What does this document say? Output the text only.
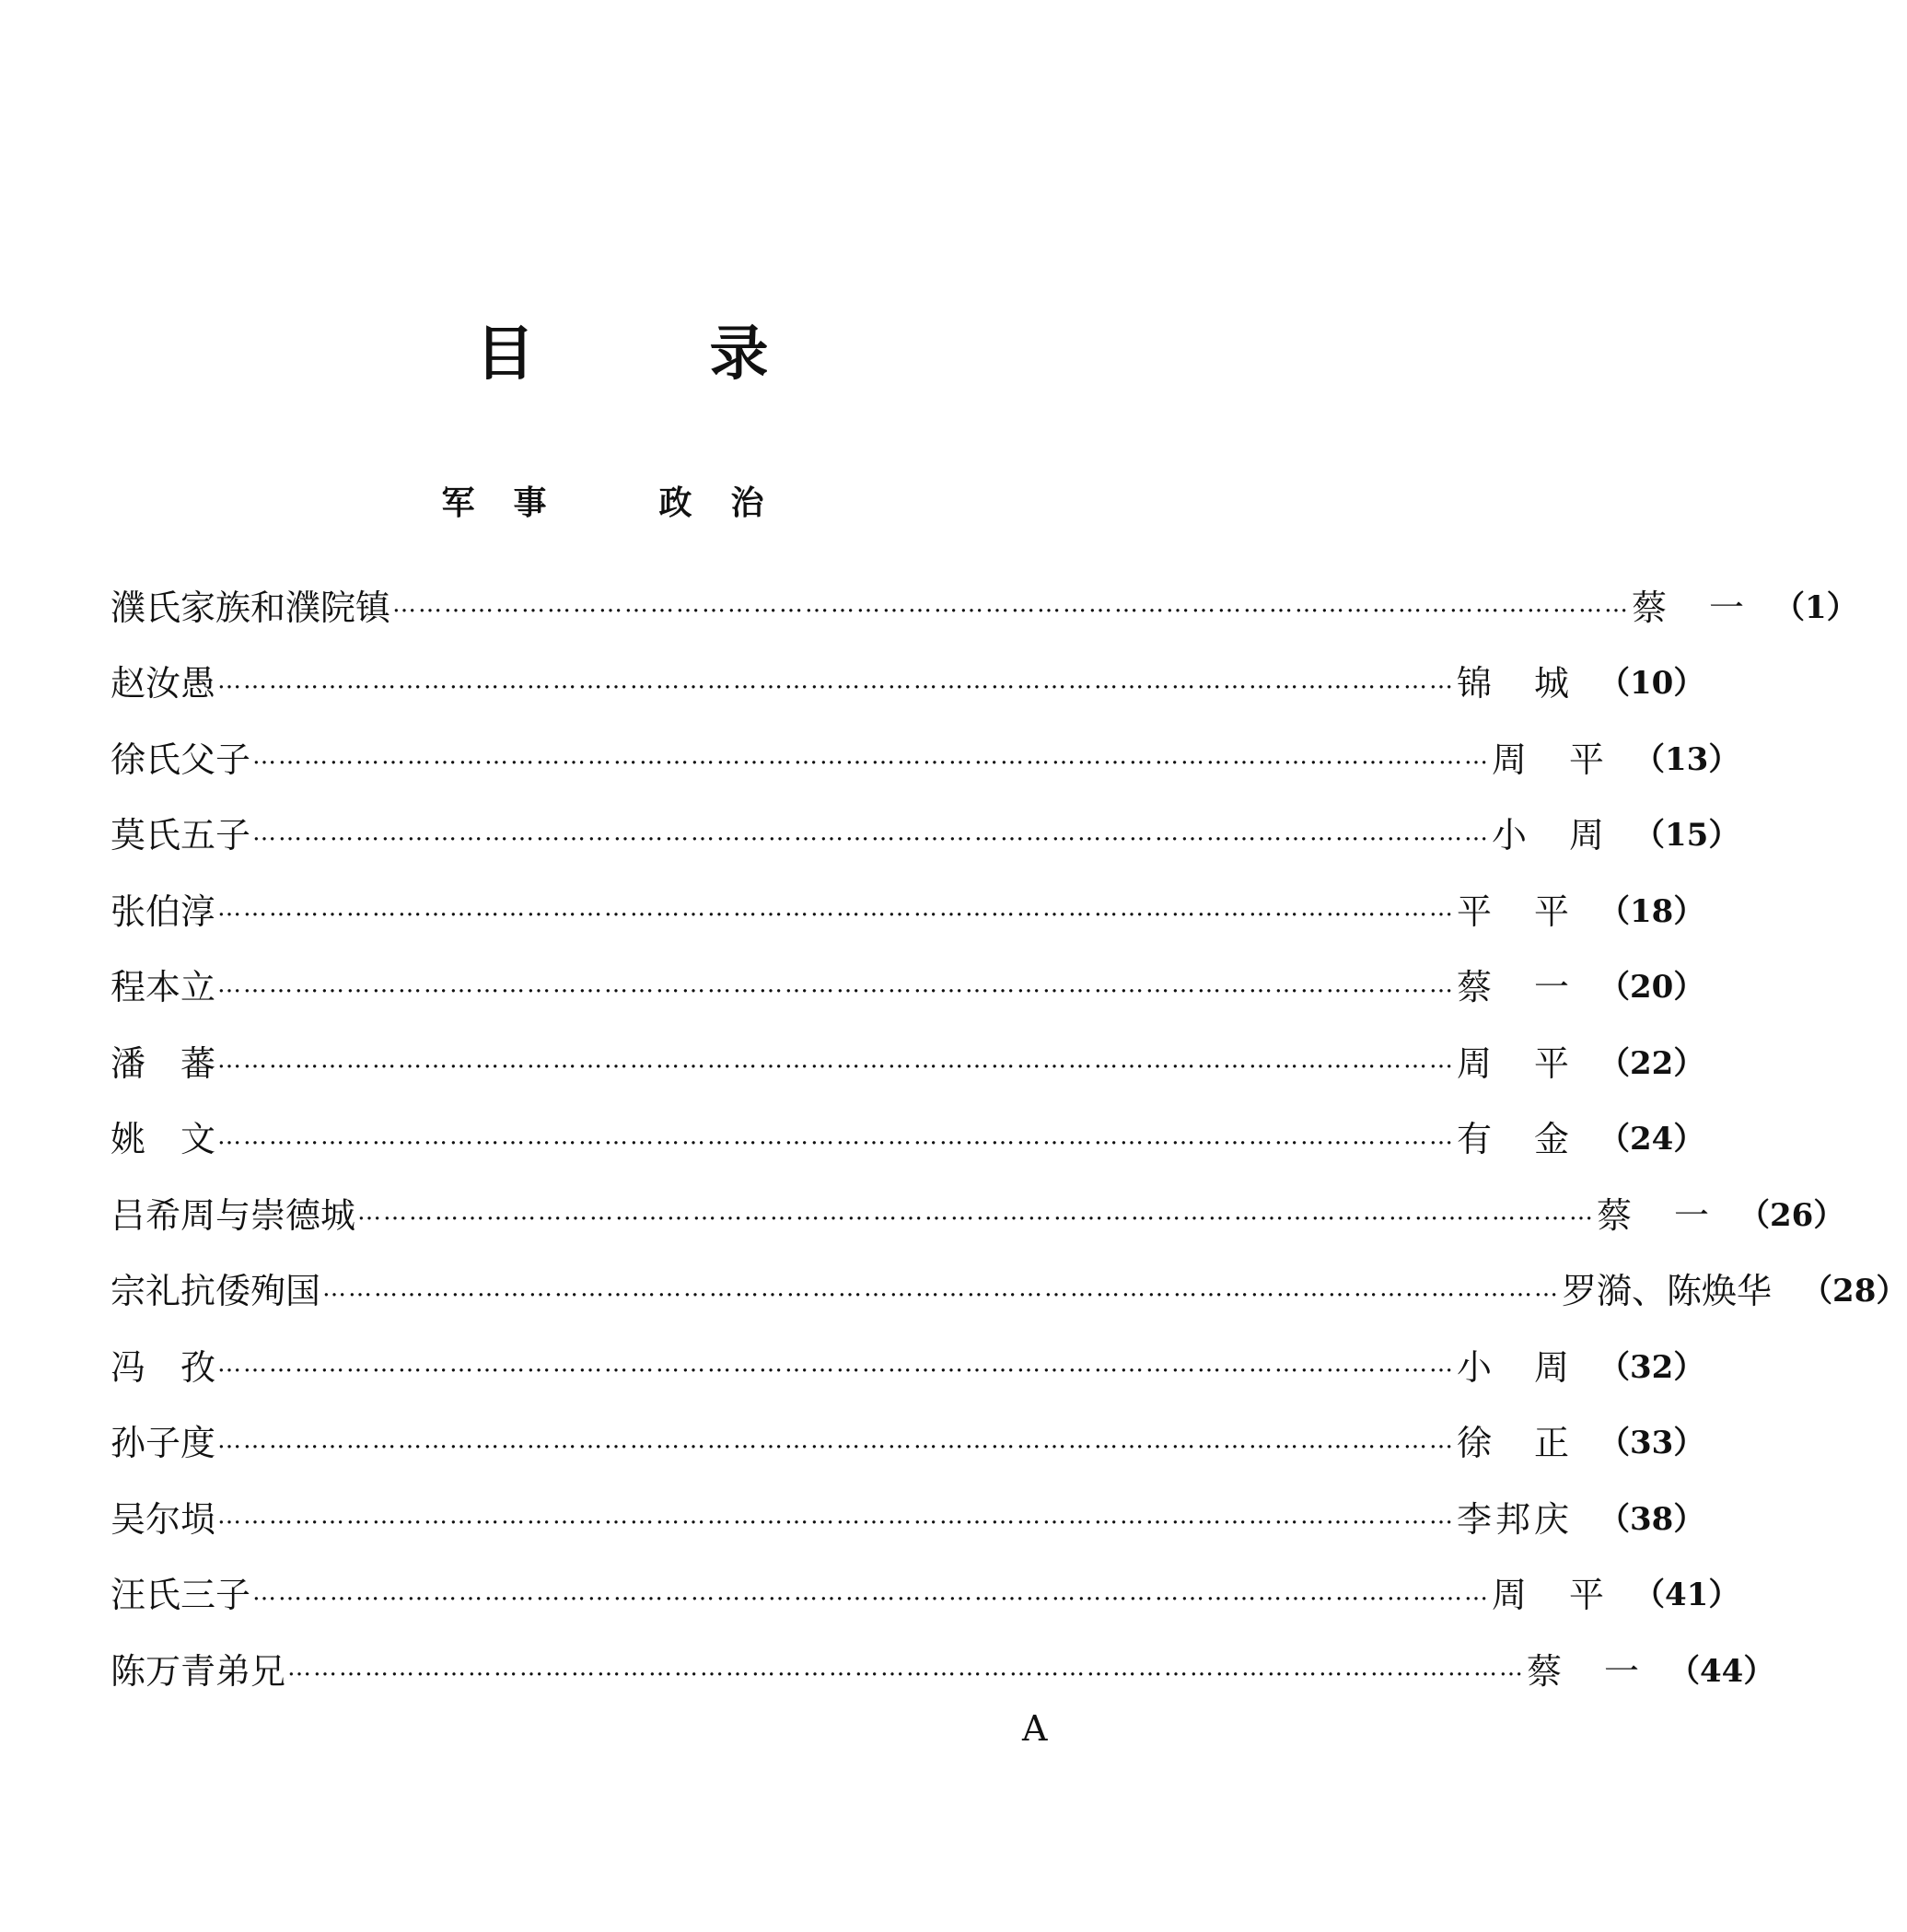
目	录
军事 政治
濮氏家族和濮院镇 ……………………………………………………………………………………………………………………………… 蔡　一 （1）
赵汝愚 ……………………………………………………………………………………………………………………………… 锦　城 （10）
徐氏父子 ……………………………………………………………………………………………………………………………… 周　平 （13）
莫氏五子 ……………………………………………………………………………………………………………………………… 小　周 （15）
张伯淳 ……………………………………………………………………………………………………………………………… 平　平 （18）
程本立 ……………………………………………………………………………………………………………………………… 蔡　一 （20）
潘　蕃 ……………………………………………………………………………………………………………………………… 周　平 （22）
姚　文 ……………………………………………………………………………………………………………………………… 有　金 （24）
吕希周与崇德城 ……………………………………………………………………………………………………………………………… 蔡　一 （26）
宗礼抗倭殉国 ……………………………………………………………………………………………………………………………… 罗漪、陈焕华 （28）
冯　孜 ……………………………………………………………………………………………………………………………… 小　周 （32）
孙子度 ……………………………………………………………………………………………………………………………… 徐　正 （33）
吴尔埙 ……………………………………………………………………………………………………………………………… 李邦庆 （38）
汪氏三子 ……………………………………………………………………………………………………………………………… 周　平 （41）
陈万青弟兄 ……………………………………………………………………………………………………………………………… 蔡　一 （44）
A
